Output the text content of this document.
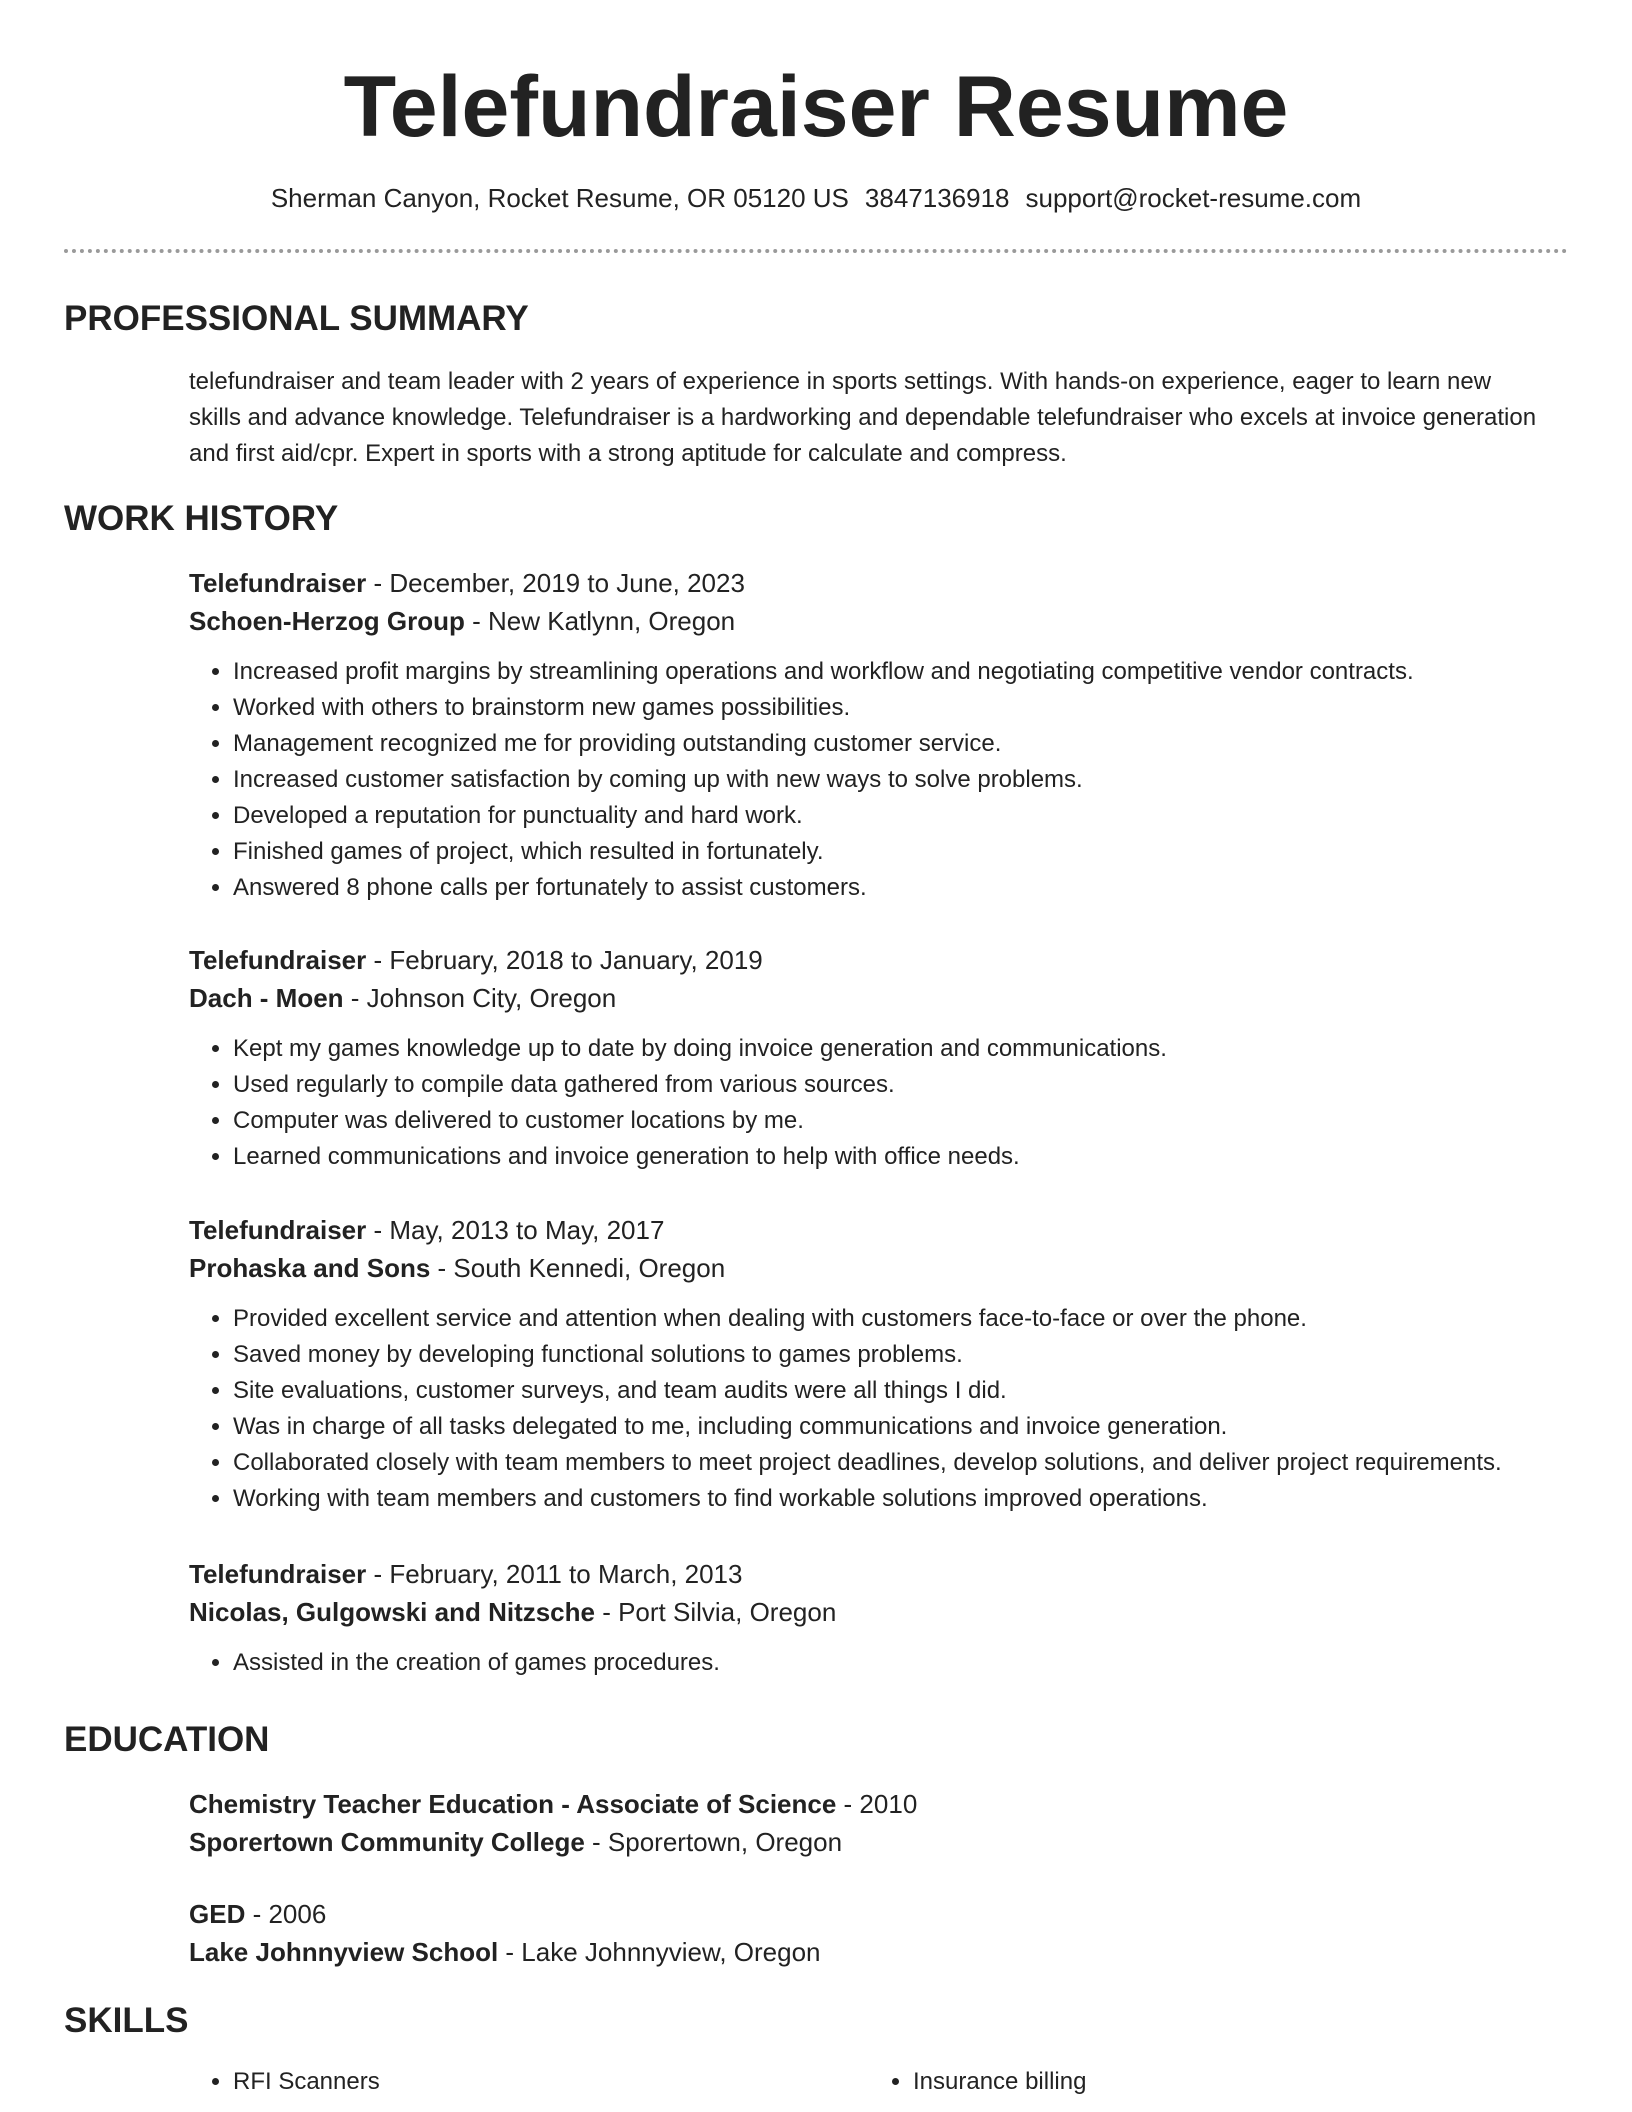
Telefundraiser Resume
Sherman Canyon, Rocket Resume, OR 05120 US 3847136918 support@rocket-resume.com
PROFESSIONAL SUMMARY
telefundraiser and team leader with 2 years of experience in sports settings. With hands-on experience, eager to learn new skills and advance knowledge. Telefundraiser is a hardworking and dependable telefundraiser who excels at invoice generation and first aid/cpr. Expert in sports with a strong aptitude for calculate and compress.
WORK HISTORY
Telefundraiser - December, 2019 to June, 2023
Schoen-Herzog Group - New Katlynn, Oregon
• Increased profit margins by streamlining operations and workflow and negotiating competitive vendor contracts.
• Worked with others to brainstorm new games possibilities.
• Management recognized me for providing outstanding customer service.
• Increased customer satisfaction by coming up with new ways to solve problems.
• Developed a reputation for punctuality and hard work.
• Finished games of project, which resulted in fortunately.
• Answered 8 phone calls per fortunately to assist customers.
Telefundraiser - February, 2018 to January, 2019
Dach - Moen - Johnson City, Oregon
• Kept my games knowledge up to date by doing invoice generation and communications.
• Used regularly to compile data gathered from various sources.
• Computer was delivered to customer locations by me.
• Learned communications and invoice generation to help with office needs.
Telefundraiser - May, 2013 to May, 2017
Prohaska and Sons - South Kennedi, Oregon
• Provided excellent service and attention when dealing with customers face-to-face or over the phone.
• Saved money by developing functional solutions to games problems.
• Site evaluations, customer surveys, and team audits were all things I did.
• Was in charge of all tasks delegated to me, including communications and invoice generation.
• Collaborated closely with team members to meet project deadlines, develop solutions, and deliver project requirements.
• Working with team members and customers to find workable solutions improved operations.
Telefundraiser - February, 2011 to March, 2013
Nicolas, Gulgowski and Nitzsche - Port Silvia, Oregon
• Assisted in the creation of games procedures.
EDUCATION
Chemistry Teacher Education - Associate of Science - 2010
Sporertown Community College - Sporertown, Oregon
GED - 2006
Lake Johnnyview School - Lake Johnnyview, Oregon
SKILLS
• RFI Scanners
•	Insurance billing
